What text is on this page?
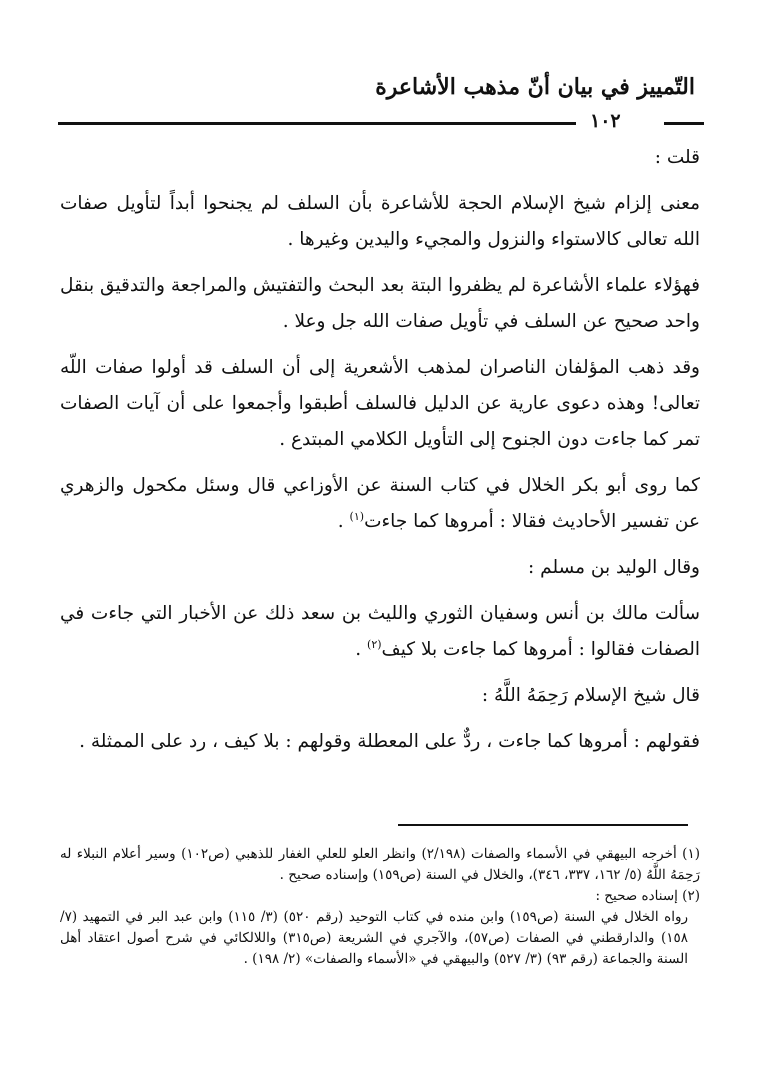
التّمييز في بيان أنّ مذهب الأشاعرة
١٠٢

قلت :

معنى إلزام شيخ الإسلام الحجة للأشاعرة بأن السلف لم يجنحوا أبداً لتأويل صفات الله تعالى كالاستواء والنزول والمجيء واليدين وغيرها .

فهؤلاء علماء الأشاعرة لم يظفروا البتة بعد البحث والتفتيش والمراجعة والتدقيق بنقل واحد صحيح عن السلف في تأويل صفات الله جل وعلا .

وقد ذهب المؤلفان الناصران لمذهب الأشعرية إلى أن السلف قد أولوا صفات اللّه تعالى! وهذه دعوى عارية عن الدليل فالسلف أطبقوا وأجمعوا على أن آيات الصفات تمر كما جاءت دون الجنوح إلى التأويل الكلامي المبتدع .

كما روى أبو بكر الخلال في كتاب السنة عن الأوزاعي قال وسئل مكحول والزهري عن تفسير الأحاديث فقالا : أمروها كما جاءت$^{(١)}$ .

وقال الوليد بن مسلم :

سألت مالك بن أنس وسفيان الثوري والليث بن سعد ذلك عن الأخبار التي جاءت في الصفات فقالوا : أمروها كما جاءت بلا كيف$^{(٢)}$ .

قال شيخ الإسلام رَحِمَهُ اللَّهُ :

فقولهم : أمروها كما جاءت ، ردٌّ على المعطلة وقولهم : بلا كيف ، رد على الممثلة .

(١) أخرجه البيهقي في الأسماء والصفات (٢/١٩٨) وانظر العلو للعلي الغفار للذهبي (ص١٠٢) وسير أعلام النبلاء له رَحِمَهُ اللَّهُ (٥/ ١٦٢، ٣٣٧، ٣٤٦)، والخلال في السنة (ص١٥٩) وإسناده صحيح .

(٢) إسناده صحيح :

رواه الخلال في السنة (ص١٥٩) وابن منده في كتاب التوحيد (رقم ٥٢٠) (٣/ ١١٥) وابن عبد البر في التمهيد (٧/ ١٥٨) والدارقطني في الصفات (ص٥٧)، والآجري في الشريعة (ص٣١٥) واللالكائي في شرح أصول اعتقاد أهل السنة والجماعة (رقم ٩٣) (٣/ ٥٢٧) والبيهقي في «الأسماء والصفات» (٢/ ١٩٨) .
